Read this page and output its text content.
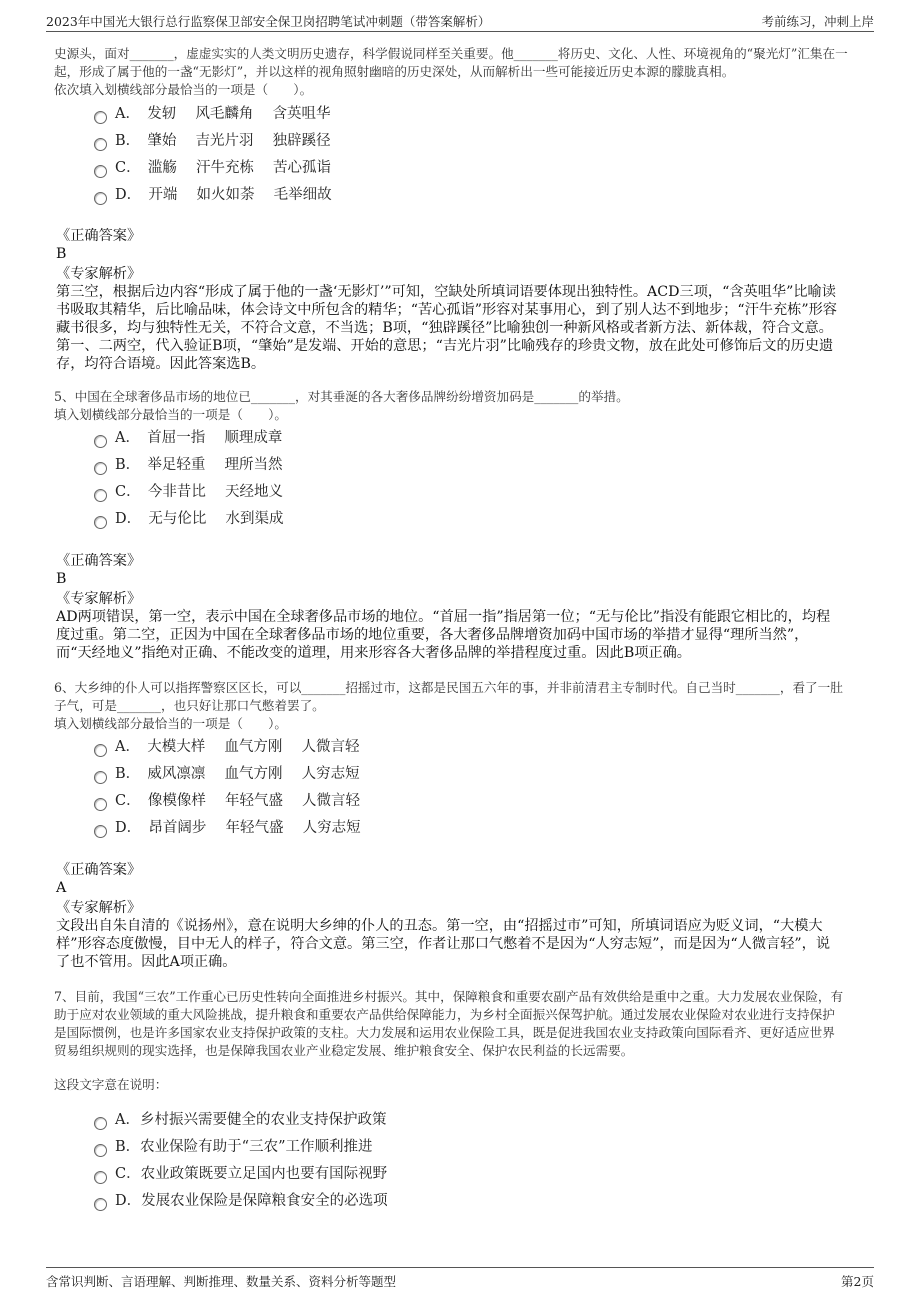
2023年中国光大银行总行监察保卫部安全保卫岗招聘笔试冲刺题（带答案解析）	考前练习，冲刺上岸
史源头，面对_______，虚虚实实的人类文明历史遗存，科学假说同样至关重要。他_______将历史、文化、人性、环境视角的“聚光灯”汇集在一
起，形成了属于他的一盏“无影灯”，并以这样的视角照射幽暗的历史深处，从而解析出一些可能接近历史本源的朦胧真相。
依次填入划横线部分最恰当的一项是（　　）。
A．　发轫　 风毛麟角　 含英咀华
B．　肇始　 吉光片羽　 独辟蹊径
C．　滥觞　 汗牛充栋　 苦心孤诣
D．　开端　 如火如荼　 毛举细故
《正确答案》
B
《专家解析》
第三空，根据后边内容“形成了属于他的一盏‘无影灯’”可知，空缺处所填词语要体现出独特性。ACD三项，“含英咀华”比喻读
书吸取其精华，后比喻品味，体会诗文中所包含的精华；“苦心孤诣”形容对某事用心，到了别人达不到地步；“汗牛充栋”形容
藏书很多，均与独特性无关，不符合文意，不当选；B项，“独辟蹊径”比喻独创一种新风格或者新方法、新体裁，符合文意。
第一、二两空，代入验证B项，“肇始”是发端、开始的意思；“吉光片羽”比喻残存的珍贵文物，放在此处可修饰后文的历史遗
存，均符合语境。因此答案选B。
5、中国在全球奢侈品市场的地位已_______，对其垂涎的各大奢侈品牌纷纷增资加码是_______的举措。
填入划横线部分最恰当的一项是（　　）。
A．　首屈一指　 顺理成章
B．　举足轻重　 理所当然
C．　今非昔比　 天经地义
D．　无与伦比　 水到渠成
《正确答案》
B
《专家解析》
AD两项错误，第一空，表示中国在全球奢侈品市场的地位。“首屈一指”指居第一位；“无与伦比”指没有能跟它相比的，均程
度过重。第二空，正因为中国在全球奢侈品市场的地位重要，各大奢侈品牌增资加码中国市场的举措才显得“理所当然”，
而“天经地义”指绝对正确、不能改变的道理，用来形容各大奢侈品牌的举措程度过重。因此B项正确。
6、大乡绅的仆人可以指挥警察区区长，可以_______招摇过市，这都是民国五六年的事，并非前清君主专制时代。自己当时_______，看了一肚
子气，可是_______，也只好让那口气憋着罢了。
填入划横线部分最恰当的一项是（　　）。
A．　大模大样　 血气方刚　 人微言轻
B．　威风凛凛　 血气方刚　 人穷志短
C．　像模像样　 年轻气盛　 人微言轻
D．　昂首阔步　 年轻气盛　 人穷志短
《正确答案》
A
《专家解析》
文段出自朱自清的《说扬州》，意在说明大乡绅的仆人的丑态。第一空，由“招摇过市”可知，所填词语应为贬义词，“大模大
样”形容态度傲慢，目中无人的样子，符合文意。第三空，作者让那口气憋着不是因为“人穷志短”，而是因为“人微言轻”，说
了也不管用。因此A项正确。
7、目前，我国“三农”工作重心已历史性转向全面推进乡村振兴。其中，保障粮食和重要农副产品有效供给是重中之重。大力发展农业保险，有
助于应对农业领域的重大风险挑战，提升粮食和重要农产品供给保障能力，为乡村全面振兴保驾护航。通过发展农业保险对农业进行支持保护
是国际惯例，也是许多国家农业支持保护政策的支柱。大力发展和运用农业保险工具，既是促进我国农业支持政策向国际看齐、更好适应世界
贸易组织规则的现实选择，也是保障我国农业产业稳定发展、维护粮食安全、保护农民利益的长远需要。
这段文字意在说明：
A．乡村振兴需要健全的农业支持保护政策
B．农业保险有助于“三农”工作顺利推进
C．农业政策既要立足国内也要有国际视野
D．发展农业保险是保障粮食安全的必选项
含常识判断、言语理解、判断推理、数量关系、资料分析等题型	第2页
